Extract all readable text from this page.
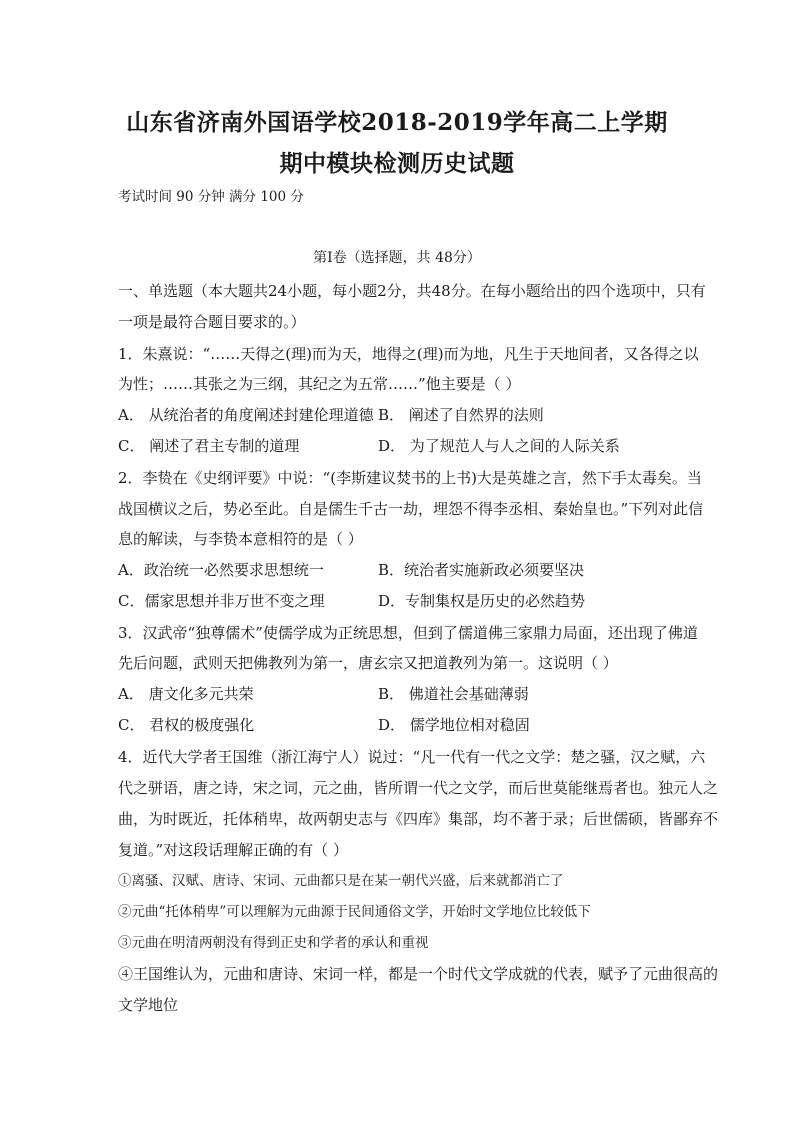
山东省济南外国语学校2018-2019学年高二上学期
期中模块检测历史试题
考试时间 90 分钟 满分 100 分
第Ⅰ卷（选择题，共 48分）
一、单选题（本大题共24小题，每小题2分，共48分。在每小题给出的四个选项中，只有
一项是最符合题目要求的。）
1．朱熹说：“……天得之(理)而为天，地得之(理)而为地，凡生于天地间者，又各得之以
为性；……其张之为三纲，其纪之为五常……”他主要是（ ）
A． 从统治者的角度阐述封建伦理道德 B． 阐述了自然界的法则
C． 阐述了君主专制的道理	D． 为了规范人与人之间的人际关系
2．李贽在《史纲评要》中说：“(李斯建议焚书的上书)大是英雄之言，然下手太毒矣。当
战国横议之后，势必至此。自是儒生千古一劫，埋怨不得李丞相、秦始皇也。”下列对此信
息的解读，与李贽本意相符的是（ ）
A．政治统一必然要求思想统一	B．统治者实施新政必须要坚决
C．儒家思想并非万世不变之理	D．专制集权是历史的必然趋势
3．汉武帝“独尊儒术”使儒学成为正统思想，但到了儒道佛三家鼎力局面，还出现了佛道
先后问题，武则天把佛教列为第一，唐玄宗又把道教列为第一。这说明（ ）
A． 唐文化多元共荣	B． 佛道社会基础薄弱
C． 君权的极度强化	D． 儒学地位相对稳固
4．近代大学者王国维（浙江海宁人）说过：“凡一代有一代之文学：楚之骚，汉之赋，六
代之骈语，唐之诗，宋之词，元之曲，皆所谓一代之文学，而后世莫能继焉者也。独元人之
曲，为时既近，托体稍卑，故两朝史志与《四库》集部，均不著于录；后世儒硕，皆鄙弃不
复道。”对这段话理解正确的有（ ）
①离骚、汉赋、唐诗、宋词、元曲都只是在某一朝代兴盛，后来就都消亡了
②元曲“托体稍卑”可以理解为元曲源于民间通俗文学，开始时文学地位比较低下
③元曲在明清两朝没有得到正史和学者的承认和重视
④王国维认为，元曲和唐诗、宋词一样，都是一个时代文学成就的代表，赋予了元曲很高的
文学地位
